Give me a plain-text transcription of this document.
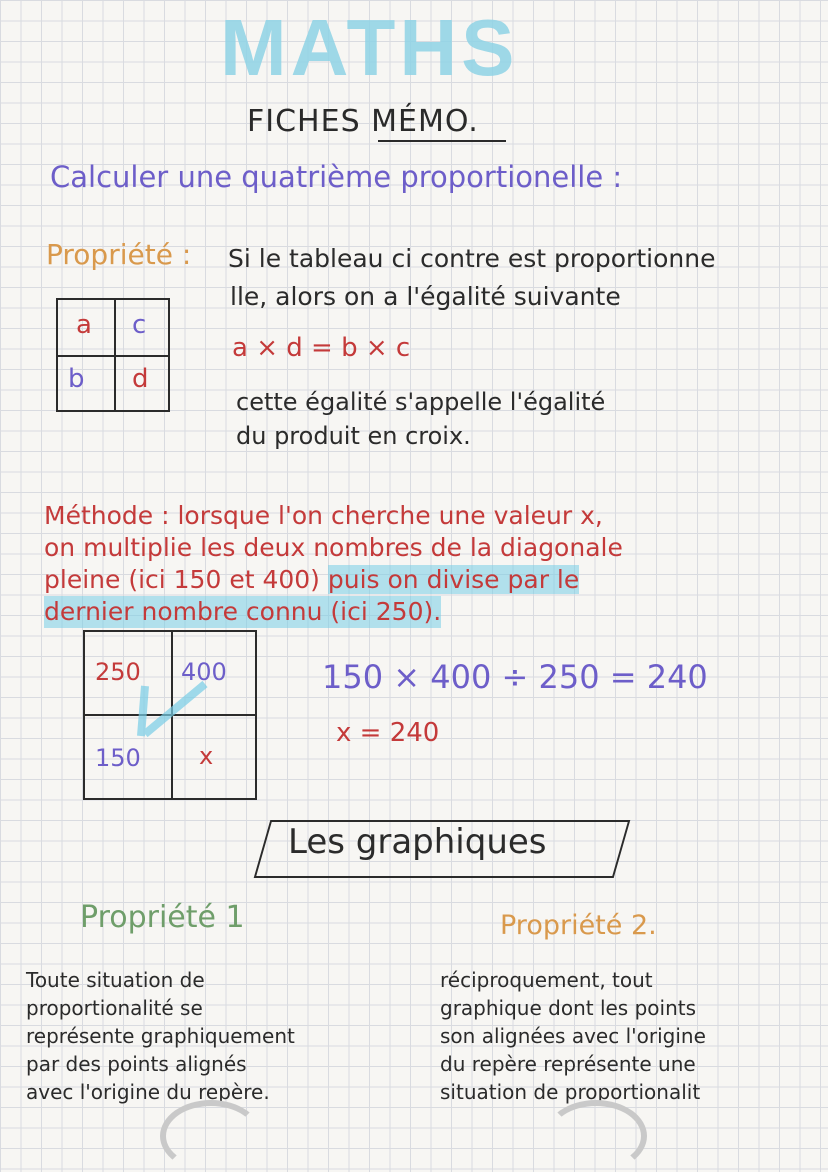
MATHS
FICHES MÉMO.
Calculer une quatrième proportionelle :
Propriété : Si le tableau ci contre est proportionne
lle, alors on a l'égalité suivante
a c
b d
a × d = b × c
cette égalité s'appelle l'égalité
du produit en croix.
Méthode : lorsque l'on cherche une valeur x,
on multiplie les deux nombres de la diagonale
pleine (ici 150 et 400) puis on divise par le
dernier nombre connu (ici 250).
250 400
150 x
150 × 400 ÷ 250 = 240
x = 240
Les graphiques
Propriété 1	Propriété 2.
Toute situation de
proportionalité se
représente graphiquement
par des points alignés
avec l'origine du repère.
réciproquement, tout
graphique dont les points
son alignées avec l'origine
du repère représente une
situation de proportionalit
